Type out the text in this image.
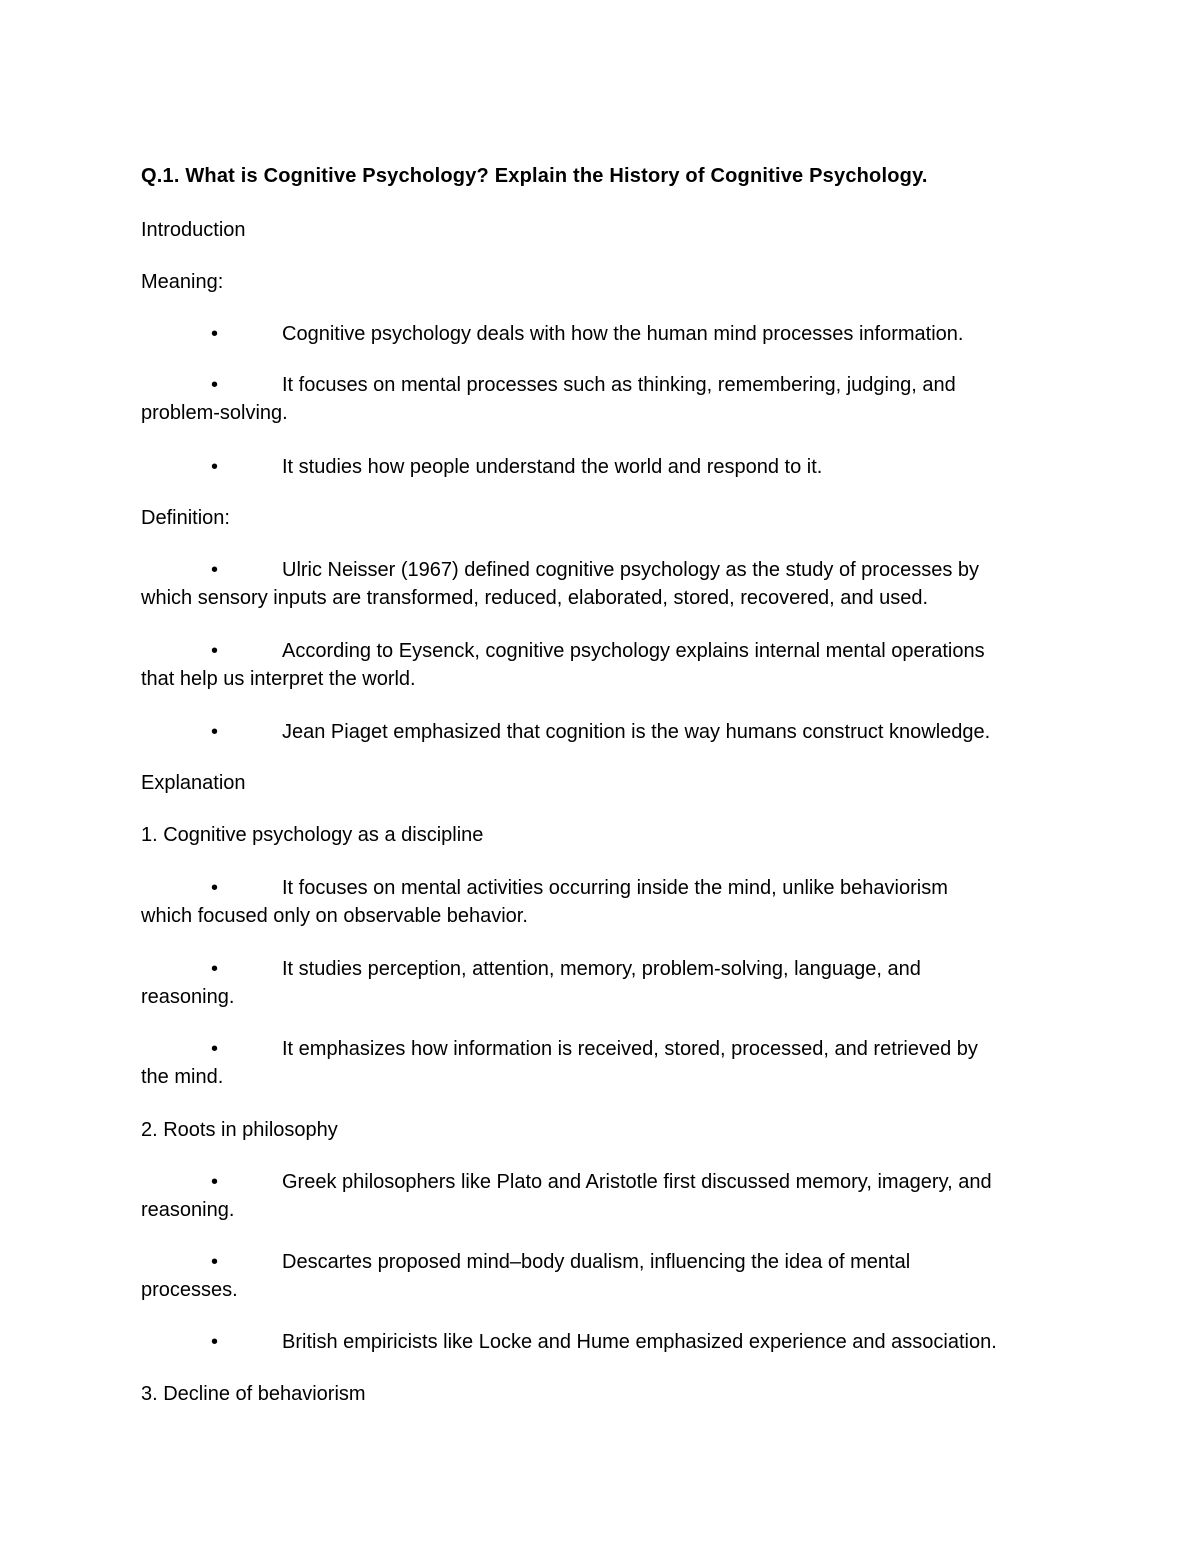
Q.1. What is Cognitive Psychology? Explain the History of Cognitive Psychology.
Introduction
Meaning:
•	Cognitive psychology deals with how the human mind processes information.
•	It focuses on mental processes such as thinking, remembering, judging, and
problem-solving.
•	It studies how people understand the world and respond to it.
Definition:
•	Ulric Neisser (1967) defined cognitive psychology as the study of processes by
which sensory inputs are transformed, reduced, elaborated, stored, recovered, and used.
•	According to Eysenck, cognitive psychology explains internal mental operations
that help us interpret the world.
•	Jean Piaget emphasized that cognition is the way humans construct knowledge.
Explanation
1. Cognitive psychology as a discipline
•	It focuses on mental activities occurring inside the mind, unlike behaviorism
which focused only on observable behavior.
•	It studies perception, attention, memory, problem-solving, language, and
reasoning.
•	It emphasizes how information is received, stored, processed, and retrieved by
the mind.
2. Roots in philosophy
•	Greek philosophers like Plato and Aristotle first discussed memory, imagery, and
reasoning.
•	Descartes proposed mind–body dualism, influencing the idea of mental
processes.
•	British empiricists like Locke and Hume emphasized experience and association.
3. Decline of behaviorism
